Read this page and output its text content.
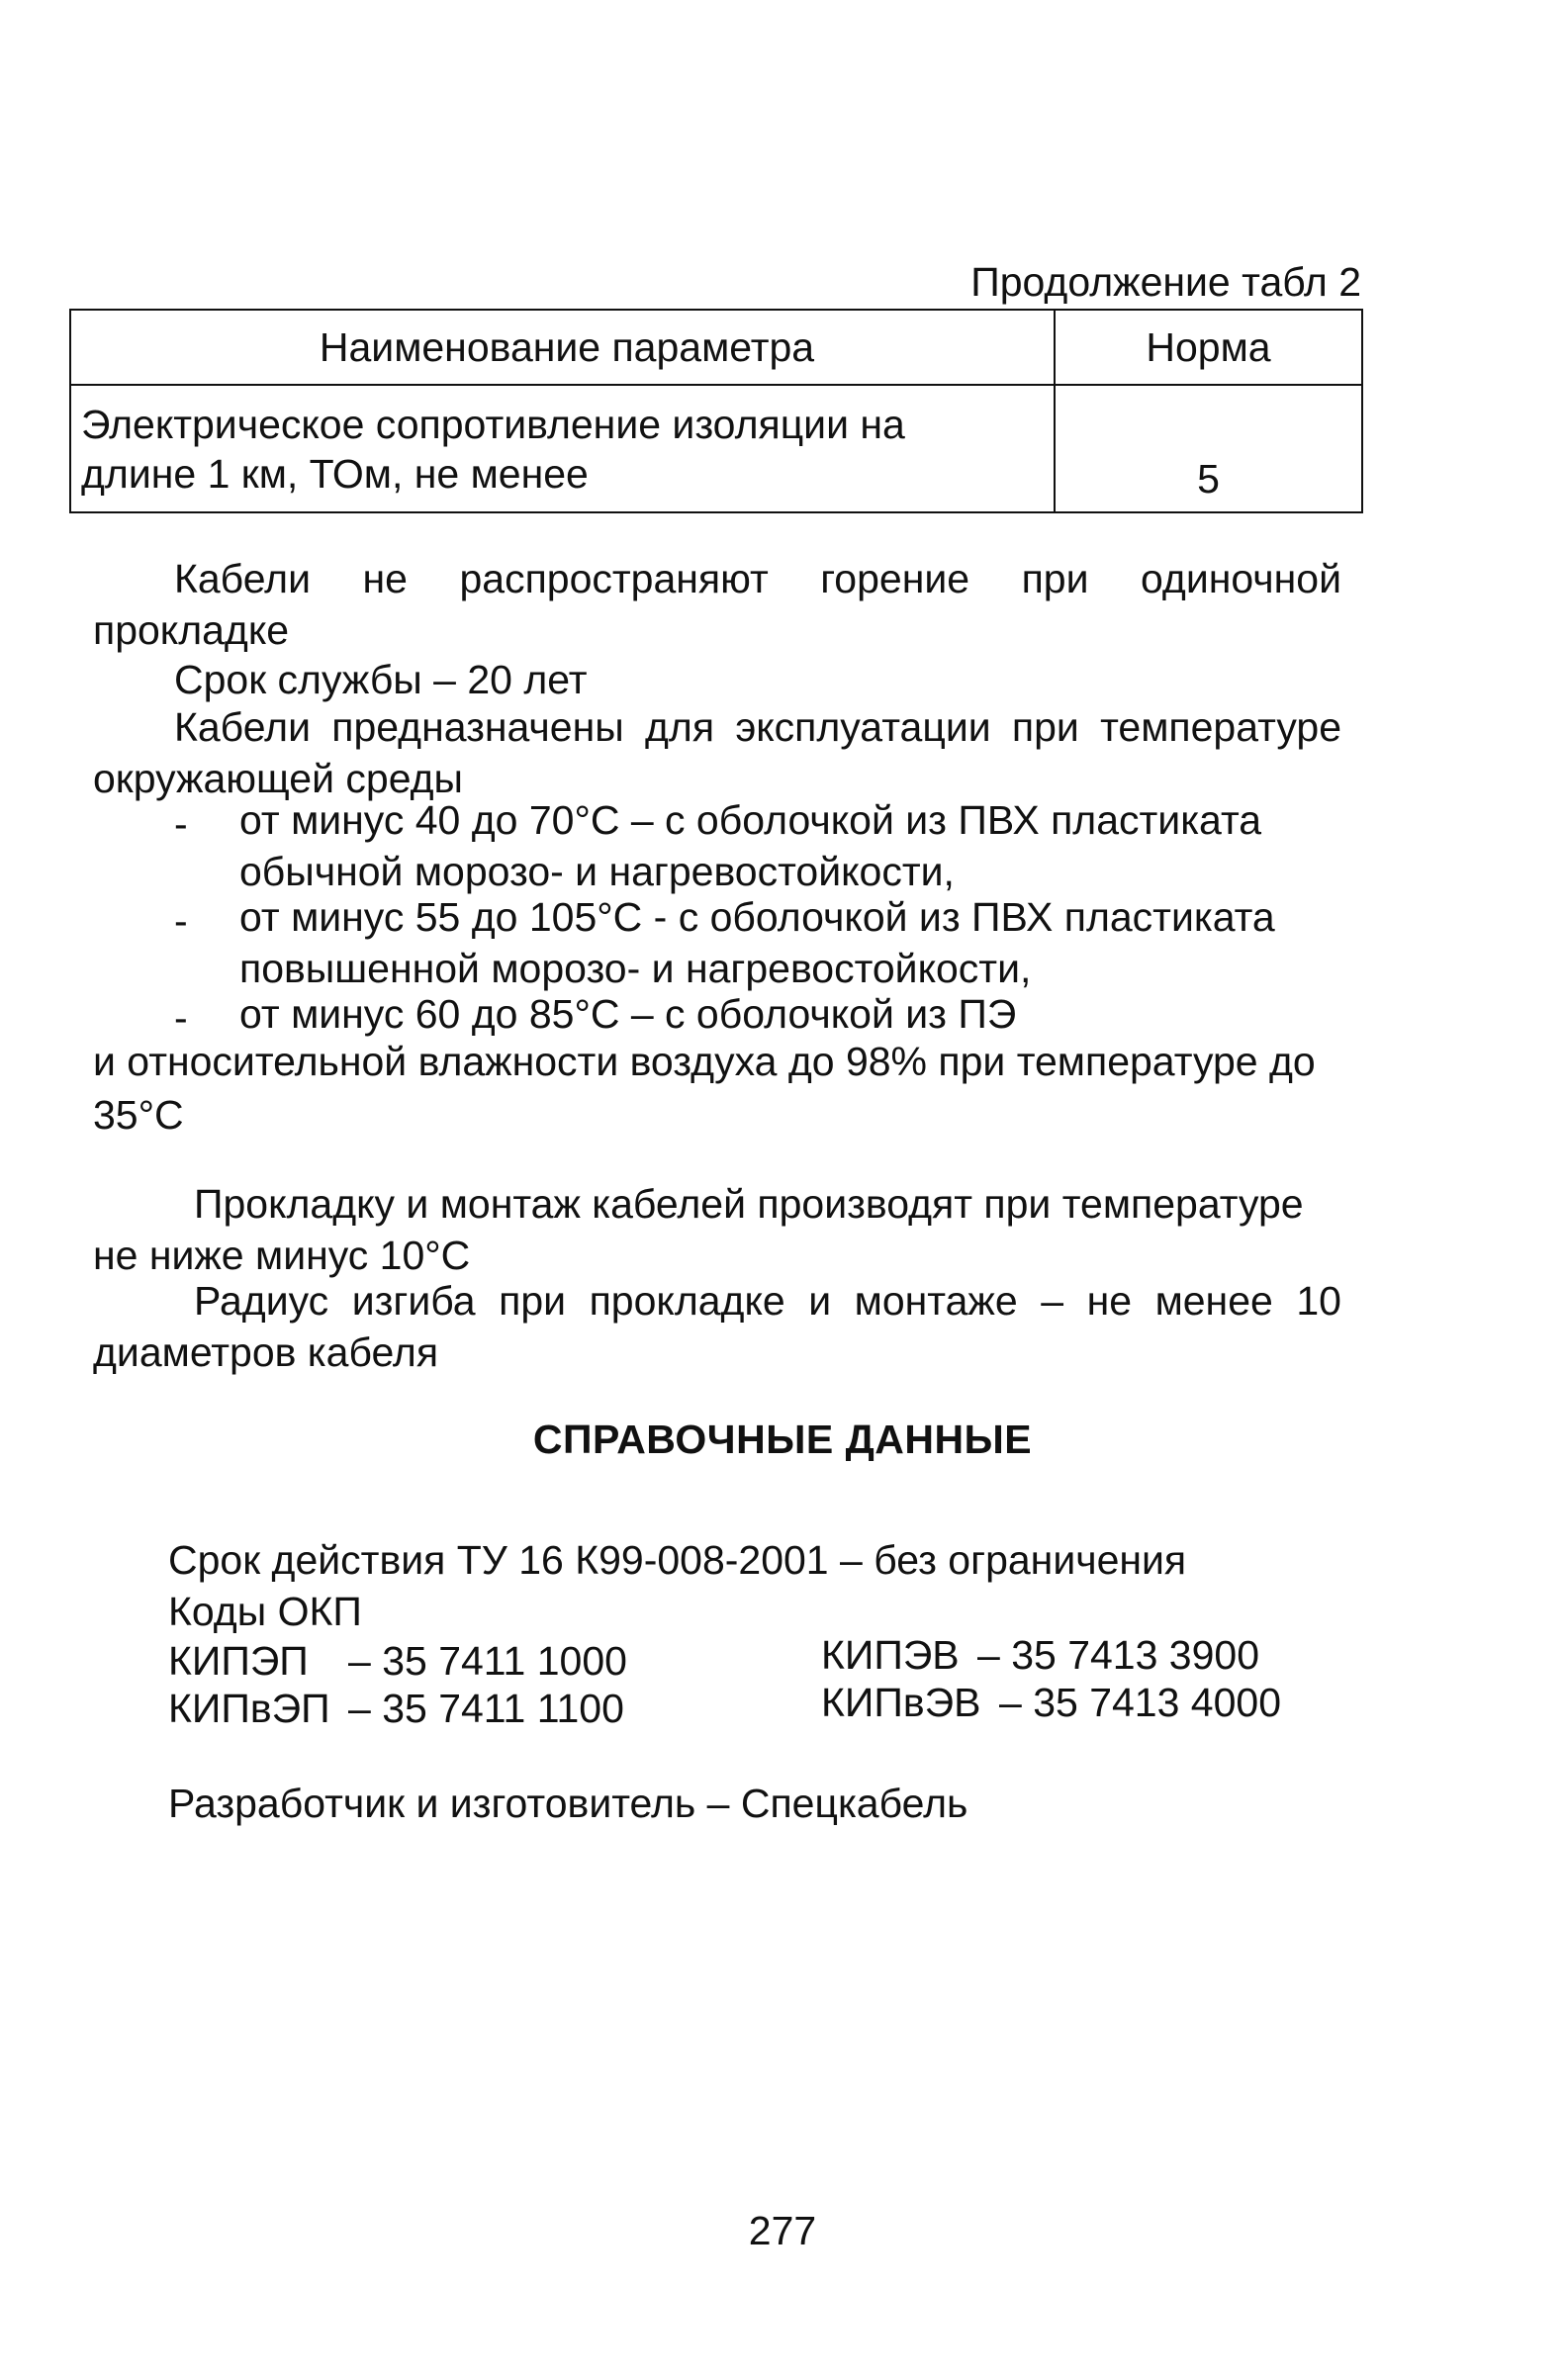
Продолжение табл 2
Наименование параметра	Норма

Электрическое сопротивление изоляции на
длине 1 км, ТОм, не менее	5
Кабели не распространяют горение при одиночной
прокладке
Срок службы – 20 лет
Кабели предназначены для эксплуатации при температуре
окружающей среды
- от минус 40 до 70°С – с оболочкой из ПВХ пластиката
обычной морозо- и нагревостойкости,
- от минус 55 до 105°С - с оболочкой из ПВХ пластиката
повышенной морозо- и нагревостойкости,
- от минус 60 до 85°С – с оболочкой из ПЭ
и относительной влажности воздуха до 98% при температуре до
35°С
Прокладку и монтаж кабелей производят при температуре
не ниже минус 10°С
Радиус изгиба при прокладке и монтаже – не менее 10
диаметров кабеля
СПРАВОЧНЫЕ ДАННЫЕ
Срок действия ТУ 16 К99-008-2001 – без ограничения
Коды ОКП
КИПЭП – 35 7411 1000	КИПЭВ – 35 7413 3900
КИПвЭП – 35 7411 1100	КИПвЭВ – 35 7413 4000
Разработчик и изготовитель – Спецкабель
277
